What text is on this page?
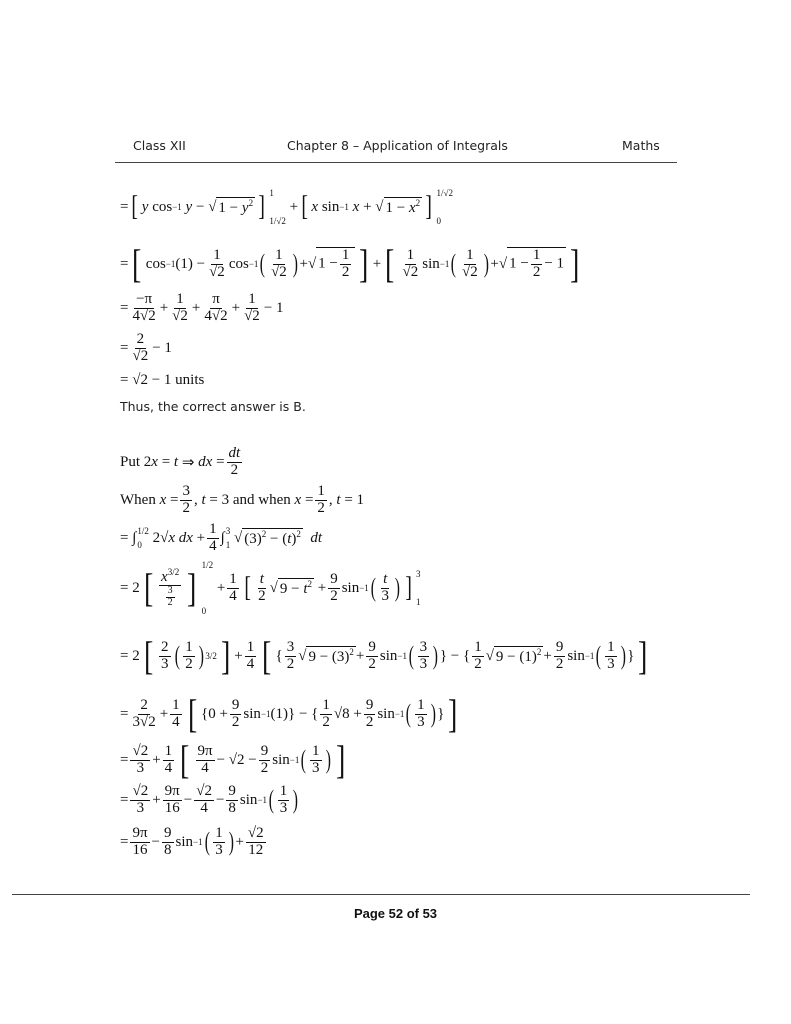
Class XII	Chapter 8 – Application of Integrals	Maths
= [ y cos −1
y − √ $1 - y^2$ ] 1
1/√2
+ [ x sin −1
x + √ $1 - x^2$ ] 1/√2
0
= [ cos −1 $(1) - \frac{1}{√2}$ cos −1 ( $\frac{1}{√2}$ ) + √ $1 - \frac{1}{2}$ ] + [ $\frac{1}{√2}$ sin −1 ( $\frac{1}{√2}$ ) + √ $1 - \frac{1}{2} - 1$ ]
= $\frac{-\pi}{4√2} + \frac{1}{√2} + \frac{\pi}{4√2} + \frac{1}{√2} - 1$
= $\frac{2}{√2} - 1$
= √2 − 1 units
Thus, the correct answer is B.
Put 2 x = t ⇒ dx = $\frac{dt}{2}$
When
$x = \frac{3}{2}$ , t = 3 and when
$x = \frac{1}{2}$ , t = 1
= ∫ 1/2
0 2√ x
dx + $\frac{1}{4}$ ∫ 3
1
√ $(3)^2 - (t)^2$
dt
= 2 [ $\frac{x^{3/2}}{\frac{3}{2}}$ ] 1/2
0
+ $\frac{1}{4}$ [ $\frac{t}{2}$ √ $9 - t^2 + \frac{9}{2}$ sin −1 ( $\frac{t}{3}$ ) ] 3
1
= 2 [ $\frac{2}{3}$ ( $\frac{1}{2}$ ) 3/2 ] + $\frac{1}{4}$ [ { $\frac{3}{2}$ √ $9 - (3)^2 + \frac{9}{2}$ sin −1 ( $\frac{3}{3}$ ) } − { $\frac{1}{2}$ √ $9 - (1)^2 + \frac{9}{2}$ sin −1 ( $\frac{1}{3}$ ) } ]
= $\frac{2}{3√2} + \frac{1}{4}$ [ {$0 + \frac{9}{2}$ sin −1 (1)} − { $\frac{1}{2} √8 + \frac{9}{2}$ sin −1 ( $\frac{1}{3}$ ) } ]
= $\frac{√2}{3} + \frac{1}{4}$ [ $\frac{9\pi}{4} - √2 - \frac{9}{2}$ sin −1 ( $\frac{1}{3}$ ) ]
= $\frac{√2}{3} + \frac{9\pi}{16} - \frac{√2}{4} - \frac{9}{8}$ sin −1 ( $\frac{1}{3}$ )
= $\frac{9\pi}{16} - \frac{9}{8}$ sin −1 ( $\frac{1}{3}$ ) + $\frac{√2}{12}$
Page 52 of 53
